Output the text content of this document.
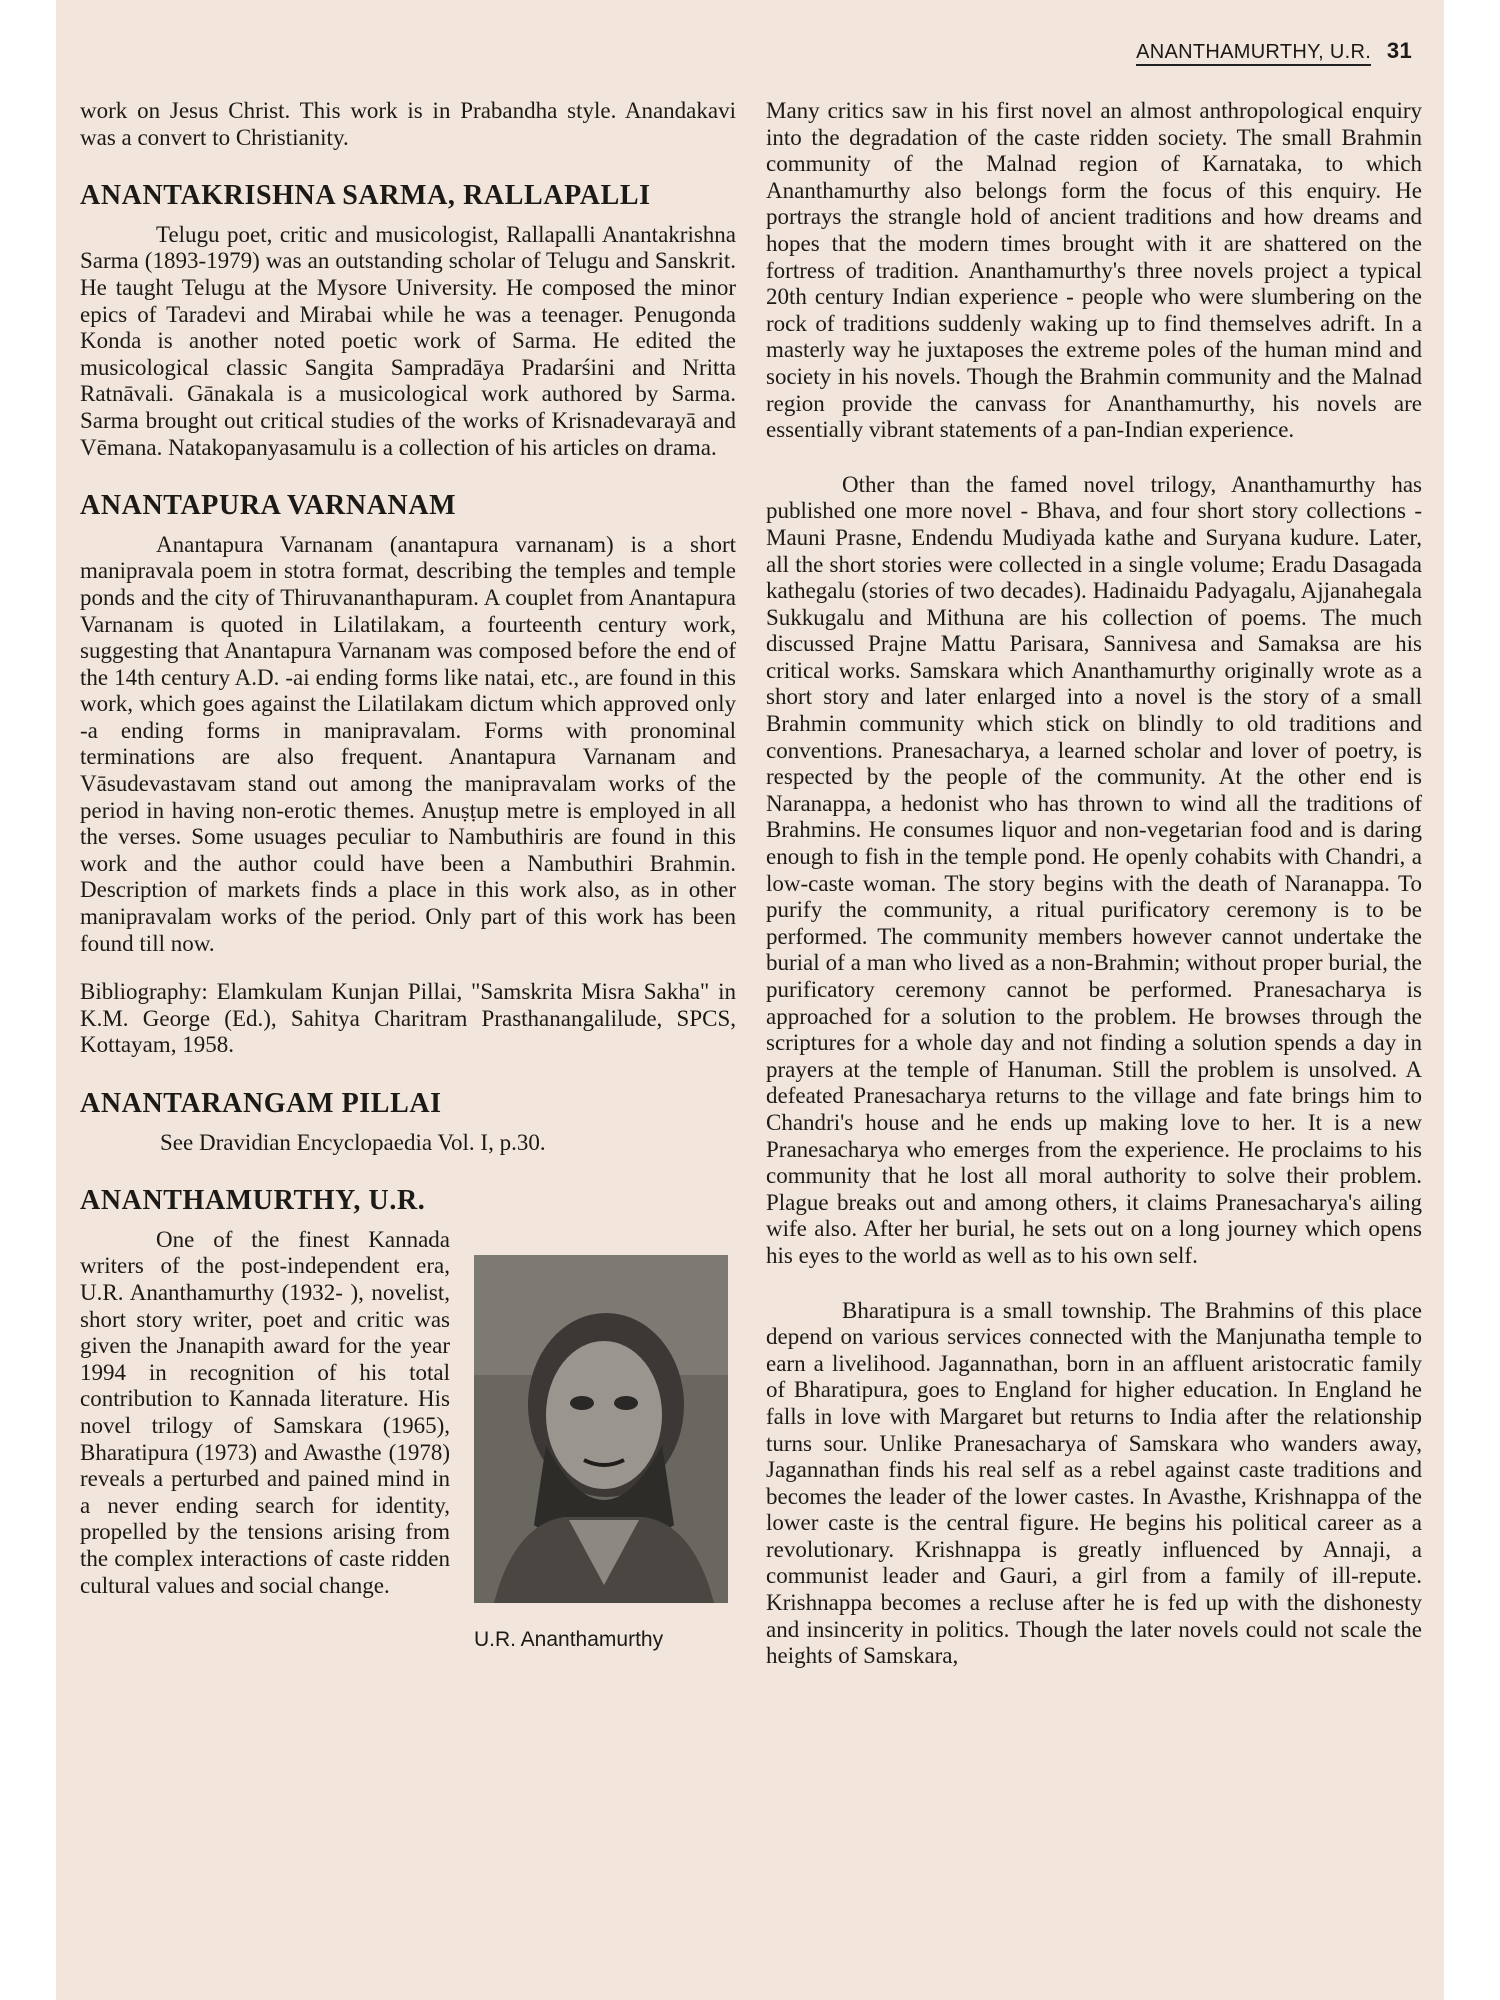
ANANTHAMURTHY, U.R. 31

work on Jesus Christ. This work is in Prabandha style. Anandakavi was a convert to Christianity.

ANANTAKRISHNA SARMA, RALLAPALLI

Telugu poet, critic and musicologist, Rallapalli Anantakrishna Sarma (1893-1979) was an outstanding scholar of Telugu and Sanskrit. He taught Telugu at the Mysore University. He composed the minor epics of Taradevi and Mirabai while he was a teenager. Penugonda Konda is another noted poetic work of Sarma. He edited the musicological classic Sangita Sampradāya Pradarśini and Nritta Ratnāvali. Gānakala is a musicological work authored by Sarma. Sarma brought out critical studies of the works of Krisnadevarayā and Vēmana. Natakopanyasamulu is a collection of his articles on drama.

ANANTAPURA VARNANAM

Anantapura Varnanam (anantapura varnanam) is a short manipravala poem in stotra format, describing the temples and temple ponds and the city of Thiruvananthapuram. A couplet from Anantapura Varnanam is quoted in Lilatilakam, a fourteenth century work, suggesting that Anantapura Varnanam was composed before the end of the 14th century A.D. -ai ending forms like natai, etc., are found in this work, which goes against the Lilatilakam dictum which approved only -a ending forms in manipravalam. Forms with pronominal terminations are also frequent. Anantapura Varnanam and Vāsudevastavam stand out among the manipravalam works of the period in having non-erotic themes. Anuṣṭup metre is employed in all the verses. Some usuages peculiar to Nambuthiris are found in this work and the author could have been a Nambuthiri Brahmin. Description of markets finds a place in this work also, as in other manipravalam works of the period. Only part of this work has been found till now.

Bibliography: Elamkulam Kunjan Pillai, "Samskrita Misra Sakha" in K.M. George (Ed.), Sahitya Charitram Prasthanangalilude, SPCS, Kottayam, 1958.

ANANTARANGAM PILLAI

See Dravidian Encyclopaedia Vol. I, p.30.

ANANTHAMURTHY, U.R.
U.R. Ananthamurthy

One of the finest Kannada writers of the post-independent era, U.R. Ananthamurthy (1932- ), novelist, short story writer, poet and critic was given the Jnanapith award for the year 1994 in recognition of his total contribution to Kannada literature. His novel trilogy of Samskara (1965), Bharatipura (1973) and Awasthe (1978) reveals a perturbed and pained mind in a never ending search for identity, propelled by the tensions arising from the complex interactions of caste ridden cultural values and social change.

Many critics saw in his first novel an almost anthropological enquiry into the degradation of the caste ridden society. The small Brahmin community of the Malnad region of Karnataka, to which Ananthamurthy also belongs form the focus of this enquiry. He portrays the strangle hold of ancient traditions and how dreams and hopes that the modern times brought with it are shattered on the fortress of tradition. Ananthamurthy's three novels project a typical 20th century Indian experience - people who were slumbering on the rock of traditions suddenly waking up to find themselves adrift. In a masterly way he juxtaposes the extreme poles of the human mind and society in his novels. Though the Brahmin community and the Malnad region provide the canvass for Ananthamurthy, his novels are essentially vibrant statements of a pan-Indian experience.

Other than the famed novel trilogy, Ananthamurthy has published one more novel - Bhava, and four short story collections - Mauni Prasne, Endendu Mudiyada kathe and Suryana kudure. Later, all the short stories were collected in a single volume; Eradu Dasagada kathegalu (stories of two decades). Hadinaidu Padyagalu, Ajjanahegala Sukkugalu and Mithuna are his collection of poems. The much discussed Prajne Mattu Parisara, Sannivesa and Samaksa are his critical works. Samskara which Ananthamurthy originally wrote as a short story and later enlarged into a novel is the story of a small Brahmin community which stick on blindly to old traditions and conventions. Pranesacharya, a learned scholar and lover of poetry, is respected by the people of the community. At the other end is Naranappa, a hedonist who has thrown to wind all the traditions of Brahmins. He consumes liquor and non-vegetarian food and is daring enough to fish in the temple pond. He openly cohabits with Chandri, a low-caste woman. The story begins with the death of Naranappa. To purify the community, a ritual purificatory ceremony is to be performed. The community members however cannot undertake the burial of a man who lived as a non-Brahmin; without proper burial, the purificatory ceremony cannot be performed. Pranesacharya is approached for a solution to the problem. He browses through the scriptures for a whole day and not finding a solution spends a day in prayers at the temple of Hanuman. Still the problem is unsolved. A defeated Pranesacharya returns to the village and fate brings him to Chandri's house and he ends up making love to her. It is a new Pranesacharya who emerges from the experience. He proclaims to his community that he lost all moral authority to solve their problem. Plague breaks out and among others, it claims Pranesacharya's ailing wife also. After her burial, he sets out on a long journey which opens his eyes to the world as well as to his own self.

Bharatipura is a small township. The Brahmins of this place depend on various services connected with the Manjunatha temple to earn a livelihood. Jagannathan, born in an affluent aristocratic family of Bharatipura, goes to England for higher education. In England he falls in love with Margaret but returns to India after the relationship turns sour. Unlike Pranesacharya of Samskara who wanders away, Jagannathan finds his real self as a rebel against caste traditions and becomes the leader of the lower castes. In Avasthe, Krishnappa of the lower caste is the central figure. He begins his political career as a revolutionary. Krishnappa is greatly influenced by Annaji, a communist leader and Gauri, a girl from a family of ill-repute. Krishnappa becomes a recluse after he is fed up with the dishonesty and insincerity in politics. Though the later novels could not scale the heights of Samskara,
